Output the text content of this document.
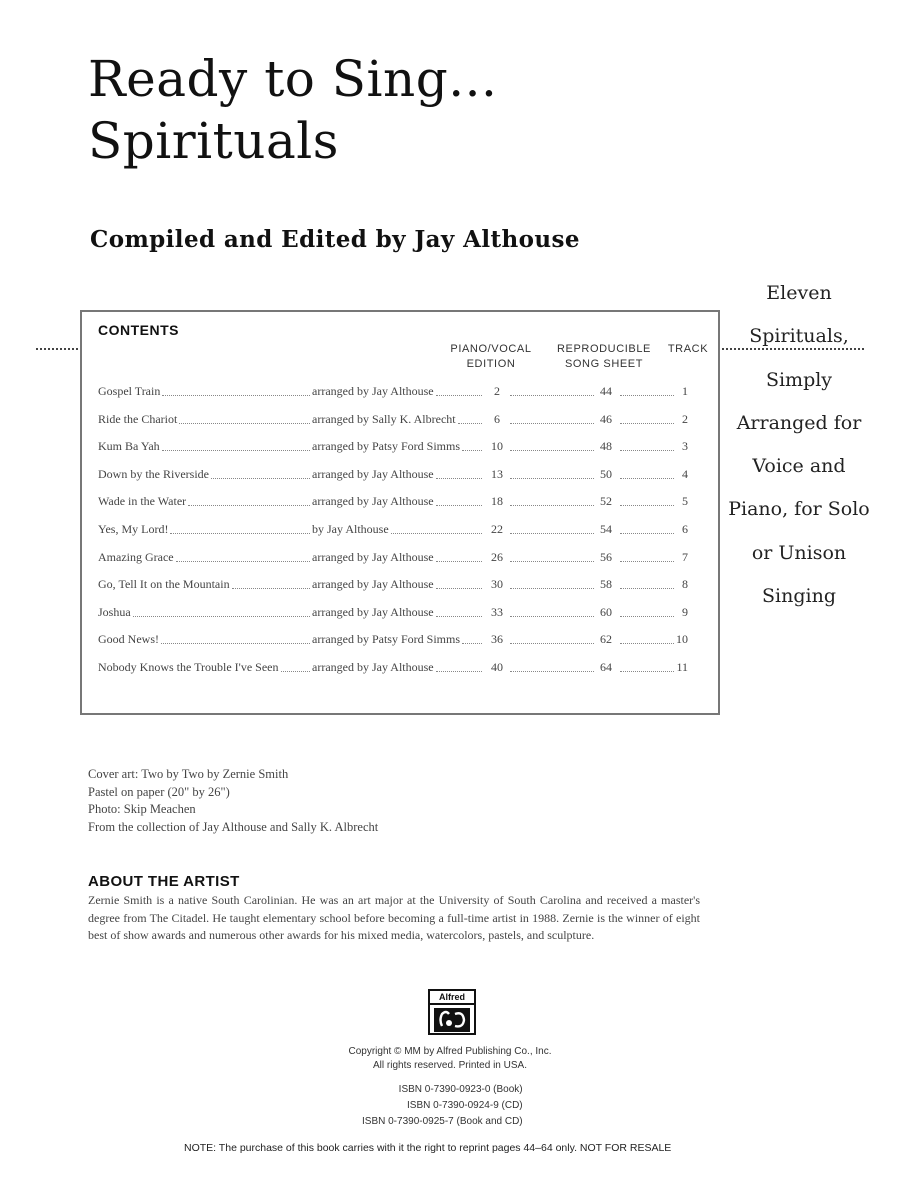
Ready to Sing...
Spirituals
Compiled and Edited by Jay Althouse
Eleven
Spirituals,
Simply
Arranged for
Voice and
Piano, for Solo
or Unison
Singing
CONTENTS
PIANO/VOCAL
EDITION
REPRODUCIBLE
SONG SHEET
TRACK
Gospel Train	arranged by Jay Althouse	2	44	1
Ride the Chariot	arranged by Sally K. Albrecht	6	46	2
Kum Ba Yah	arranged by Patsy Ford Simms	10	48	3
Down by the Riverside	arranged by Jay Althouse	13	50	4
Wade in the Water	arranged by Jay Althouse	18	52	5
Yes, My Lord!	by Jay Althouse	22	54	6
Amazing Grace	arranged by Jay Althouse	26	56	7
Go, Tell It on the Mountain	arranged by Jay Althouse	30	58	8
Joshua	arranged by Jay Althouse	33	60	9
Good News!	arranged by Patsy Ford Simms	36	62	10
Nobody Knows the Trouble I've Seen	arranged by Jay Althouse	40	64	11
Cover art: Two by Two by Zernie Smith
Pastel on paper (20" by 26")
Photo: Skip Meachen
From the collection of Jay Althouse and Sally K. Albrecht
ABOUT THE ARTIST

Zernie Smith is a native South Carolinian. He was an art major at the University of South Carolina and received a master's degree from The Citadel. He taught elementary school before becoming a full-time artist in 1988. Zernie is the winner of eight best of show awards and numerous other awards for his mixed media, watercolors, pastels, and sculpture.

Alfred
Copyright © MM by Alfred Publishing Co., Inc.
All rights reserved. Printed in USA.
ISBN 0-7390-0923-0 (Book)
ISBN 0-7390-0924-9 (CD)
ISBN 0-7390-0925-7 (Book and CD)

NOTE: The purchase of this book carries with it the right to reprint pages 44–64 only. NOT FOR RESALE
